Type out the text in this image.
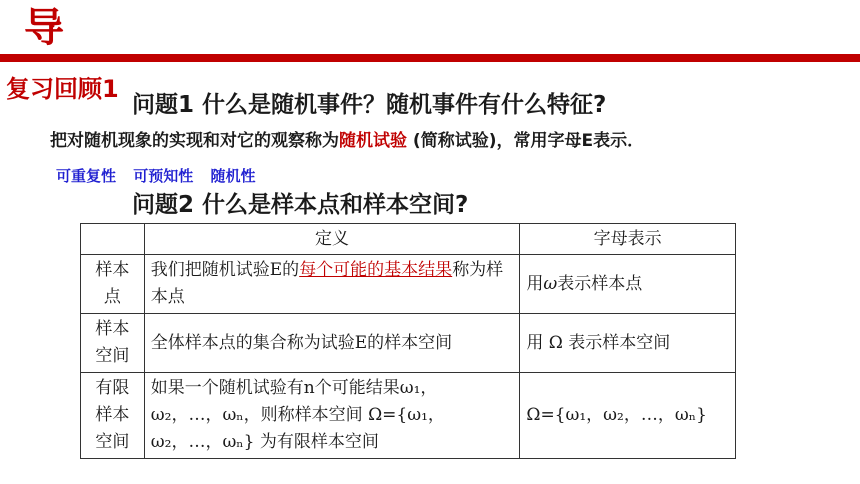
导
复习回顾1
问题1 什么是随机事件？随机事件有什么特征?
把对随机现象的实现和对它的观察称为随机试验 (简称试验)，常用字母E表示．
可重复性 可预知性 随机性
问题2 什么是样本点和样本空间?
	定义	字母表示
样本点	我们把随机试验E的每个可能的基本结果称为样本点	用ω表示样本点
样本空间	全体样本点的集合称为试验E的样本空间	用 Ω 表示样本空间
有限样本空间	如果一个随机试验有n个可能结果ω₁，
ω₂，…，ωₙ，则称样本空间 Ω={ω₁，
ω₂，…，ωₙ} 为有限样本空间	Ω={ω₁，ω₂，…，ωₙ}
